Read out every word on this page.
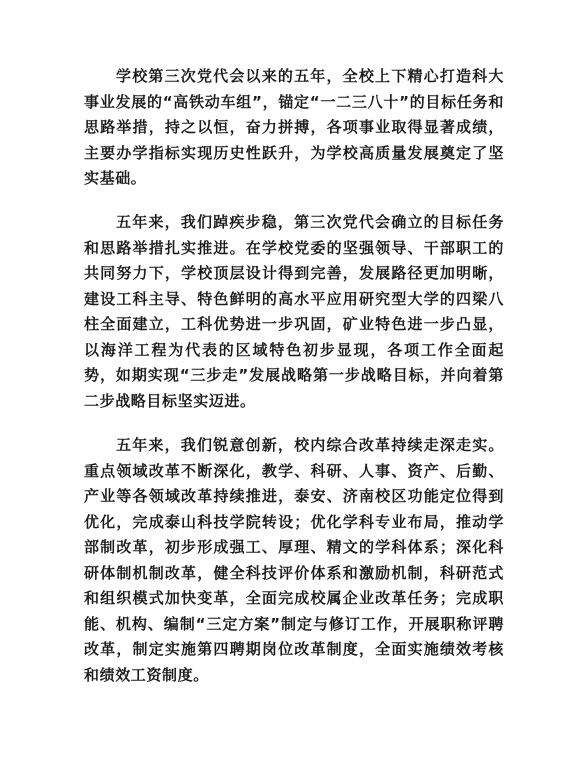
学校第三次党代会以来的五年，全校上下精心打造科大事业发展的“高铁动车组”，锚定“一二三八十”的目标任务和思路举措，持之以恒，奋力拼搏，各项事业取得显著成绩，主要办学指标实现历史性跃升，为学校高质量发展奠定了坚实基础。

五年来，我们踔疾步稳，第三次党代会确立的目标任务和思路举措扎实推进。在学校党委的坚强领导、干部职工的共同努力下，学校顶层设计得到完善，发展路径更加明晰，建设工科主导、特色鲜明的高水平应用研究型大学的四梁八柱全面建立，工科优势进一步巩固，矿业特色进一步凸显，以海洋工程为代表的区域特色初步显现，各项工作全面起势，如期实现“三步走”发展战略第一步战略目标，并向着第二步战略目标坚实迈进。

五年来，我们锐意创新，校内综合改革持续走深走实。重点领域改革不断深化，教学、科研、人事、资产、后勤、产业等各领域改革持续推进，泰安、济南校区功能定位得到优化，完成泰山科技学院转设；优化学科专业布局，推动学部制改革，初步形成强工、厚理、精文的学科体系；深化科研体制机制改革，健全科技评价体系和激励机制，科研范式和组织模式加快变革，全面完成校属企业改革任务；完成职能、机构、编制“三定方案”制定与修订工作，开展职称评聘改革，制定实施第四聘期岗位改革制度，全面实施绩效考核和绩效工资制度。
